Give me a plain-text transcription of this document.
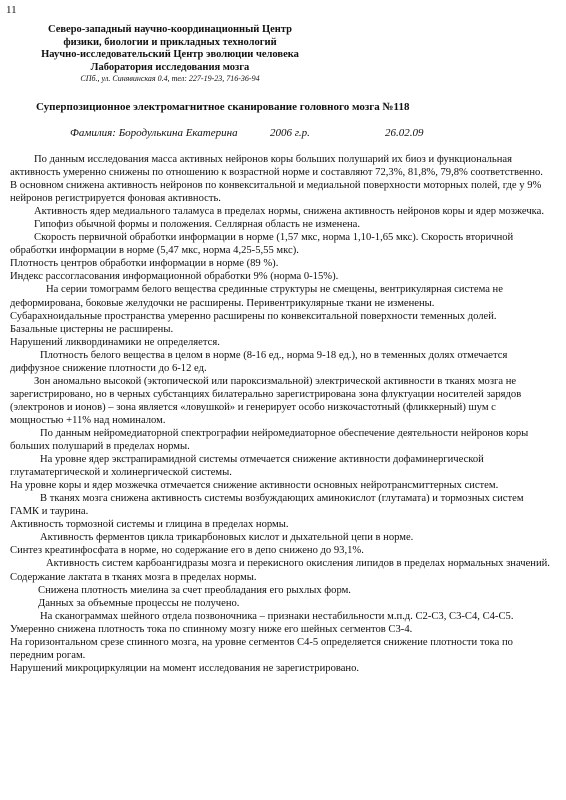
11
Северо-западный научно-координационный Центр
физики, биологии и прикладных технологий
Научно-исследовательский Центр эволюции человека
Лаборатория исследования мозга
СПб., ул. Синявинская 0.4, тел: 227-19-23, 716-36-94
Суперпозиционное электромагнитное сканирование головного мозга №118
Фамилия: Бородулькина Екатерина	2006 г.р.	26.02.09

По данным исследования масса активных нейронов коры больших полушарий их биоз и функциональная активность умеренно снижены по отношению к возрастной норме и составляют 72,3%, 81,8%, 79,8% соответственно.

В основном снижена активность нейронов по конвекситальной и медиальной поверхности моторных полей, где у 9% нейронов регистрируется фоновая активность.

Активность ядер медиального таламуса в пределах нормы, снижена активность нейронов коры и ядер мозжечка.

Гипофиз обычной формы и положения. Селлярная область не изменена.

Скорость первичной обработки информации в норме (1,57 мкс, норма 1,10-1,65 мкс). Скорость вторичной обработки информации в норме (5,47 мкс, норма 4,25-5,55 мкс).

Плотность центров обработки информации в норме (89 %).

Индекс рассогласования информационной обработки 9% (норма 0-15%).

На серии томограмм белого вещества срединные структуры не смещены, вентрикулярная система не деформирована, боковые желудочки не расширены. Перивентрикулярные ткани не изменены.

Субарахноидальные пространства умеренно расширены по конвекситальной поверхности теменных долей.

Базальные цистерны не расширены.

Нарушений ликвординамики не определяется.

Плотность белого вещества в целом в норме (8-16 ед., норма 9-18 ед.), но в теменных долях отмечается диффузное снижение плотности до 6-12 ед.

Зон аномально высокой (эктопической или пароксизмальной) электрической активности в тканях мозга не зарегистрировано, но в черных субстанциях билатерально зарегистрирована зона флуктуации носителей зарядов (электронов и ионов) – зона является «ловушкой» и генерирует особо низкочастотный (фликкерный) шум с мощностью +11% над номиналом.

По данным нейромедиаторной спектрографии нейромедиаторное обеспечение деятельности нейронов коры больших полушарий в пределах нормы.

На уровне ядер экстрапирамидной системы отмечается снижение активности дофаминергической глутаматергической и холинергической системы.

На уровне коры и ядер мозжечка отмечается снижение активности основных нейротрансмиттерных систем.

В тканях мозга снижена активность системы возбуждающих аминокислот (глутамата) и тормозных систем ГАМК и таурина.

Активность тормозной системы и глицина в пределах нормы.

Активность ферментов цикла трикарбоновых кислот и дыхательной цепи в норме.

Синтез креатинфосфата в норме, но содержание его в депо снижено до 93,1%.

Активность систем карбоангидразы мозга и перекисного окисления липидов в пределах нормальных значений.

Содержание лактата в тканях мозга в пределах нормы.

Снижена плотность миелина за счет преобладания его рыхлых форм.

Данных за объемные процессы не получено.

На сканограммах шейного отдела позвоночника – признаки нестабильности м.п.д. С2-С3, С3-С4, С4-С5.

Умеренно снижена плотность тока по спинному мозгу ниже его шейных сегментов С3-4.

На горизонтальном срезе спинного мозга, на уровне сегментов С4-5 определяется снижение плотности тока по передним рогам.

Нарушений микроциркуляции на момент исследования не зарегистрировано.
